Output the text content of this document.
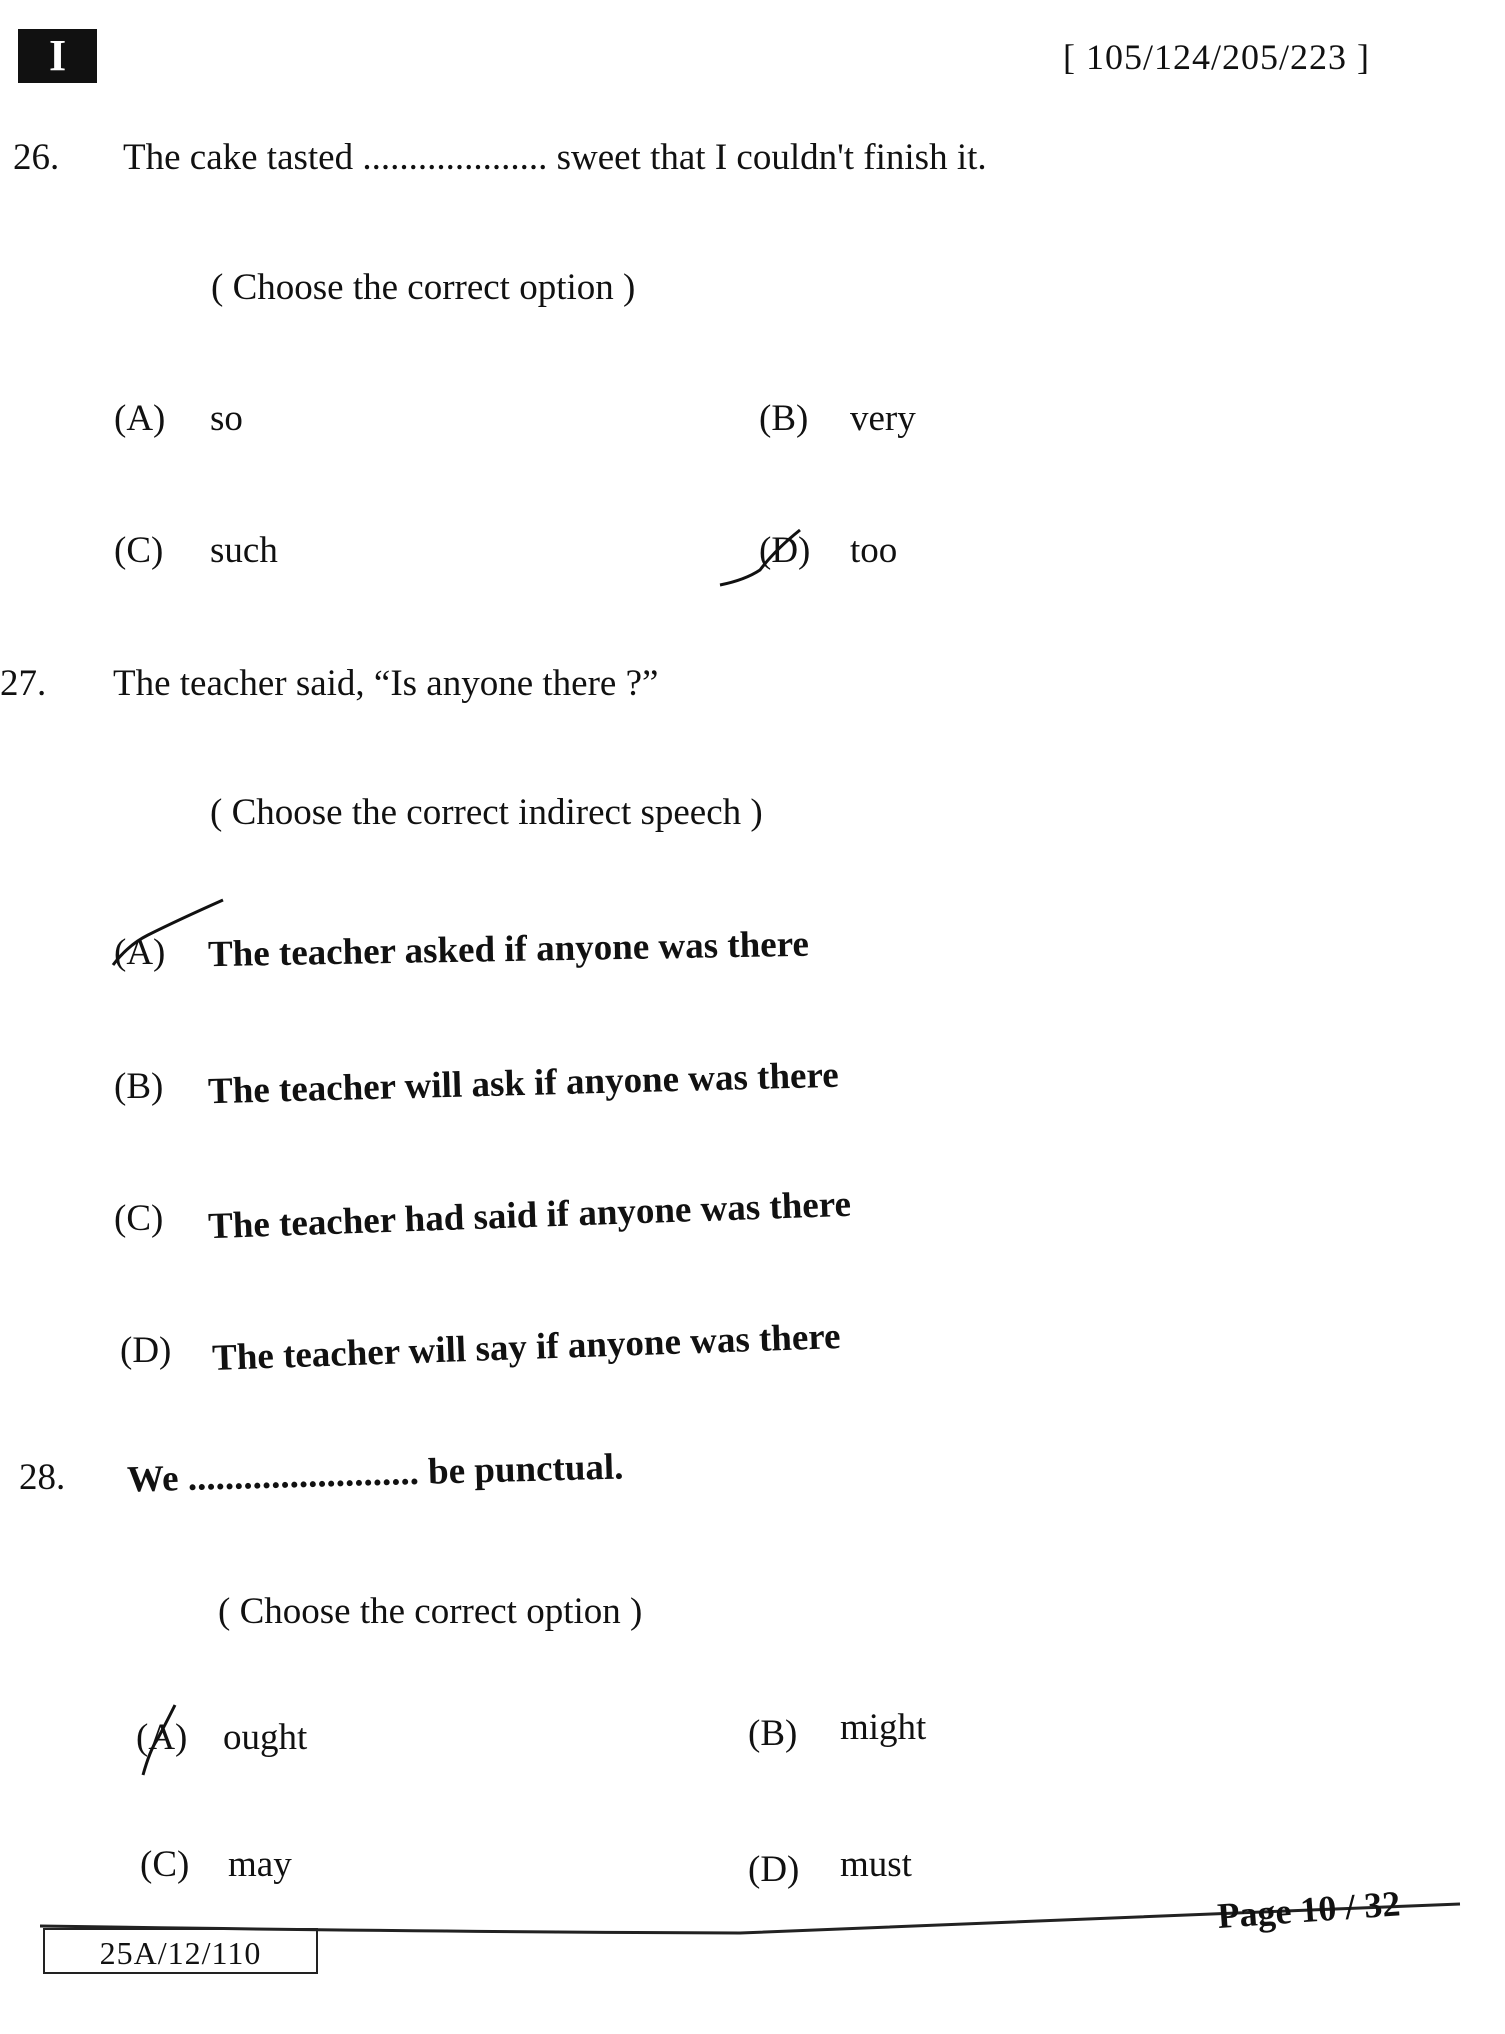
I	[ 105/124/205/223 ]
26. The cake tasted .................... sweet that I couldn't finish it.
( Choose the correct option )
(A) so	(B) very
(C) such	(D) too
27. The teacher said, “Is anyone there ?”
( Choose the correct indirect speech )
(A) The teacher asked if anyone was there
(B) The teacher will ask if anyone was there
(C) The teacher had said if anyone was there
(D) The teacher will say if anyone was there
28. We ......................... be punctual.
( Choose the correct option )
(A) ought	(B) might
(C) may	(D) must
25A/12/110
Page 10 / 32
